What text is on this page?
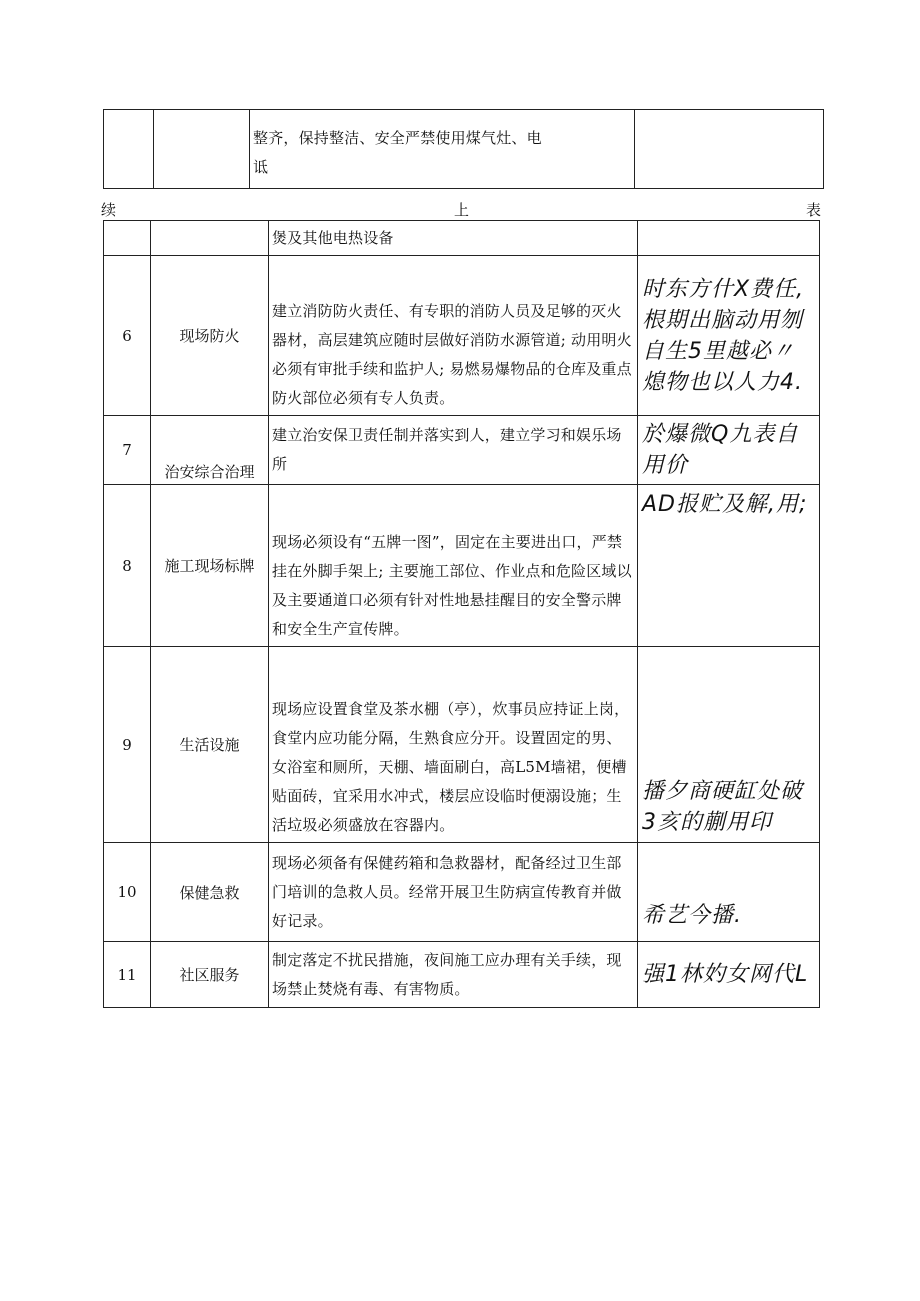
整齐，保持整洁、安全严禁使用煤气灶、电
诋

续	上	表
		煲及其他电热设备	
6	现场防火	建立消防防火责任、有专职的消防人员及足够的灭火器材，高层建筑应随时层做好消防水源管道; 动用明火必须有审批手续和监护人; 易燃易爆物品的仓库及重点防火部位必须有专人负责。	时东方什X费任,根期出脑动用刎自生5里越必〃熄物也以人力4.
7	治安综合治理	建立治安保卫责任制并落实到人，建立学习和娱乐场所	於爆微Q九表自用价
8	施工现场标牌	现场必须设有“五牌一图”，固定在主要进出口，严禁挂在外脚手架上; 主要施工部位、作业点和危险区域以及主要通道口必须有针对性地悬挂醒目的安全警示牌和安全生产宣传牌。	AD报贮及解,用;
9	生活设施	现场应设置食堂及茶水棚（亭），炊事员应持证上岗，食堂内应功能分隔，生熟食应分开。设置固定的男、女浴室和厕所，天棚、墙面刷白，高L5M墙裙，便槽贴面砖，宜采用水冲式，楼层应设临时便溺设施；生活垃圾必须盛放在容器内。	播夕商硬缸处破3亥的蒯用印
10	保健急救	现场必须备有保健药箱和急救器材，配备经过卫生部门培训的急救人员。经常开展卫生防病宣传教育并做好记录。	希艺今播.
11	社区服务	制定落定不扰民措施，夜间施工应办理有关手续，现场禁止焚烧有毒、有害物质。	强1林妁女网代L
